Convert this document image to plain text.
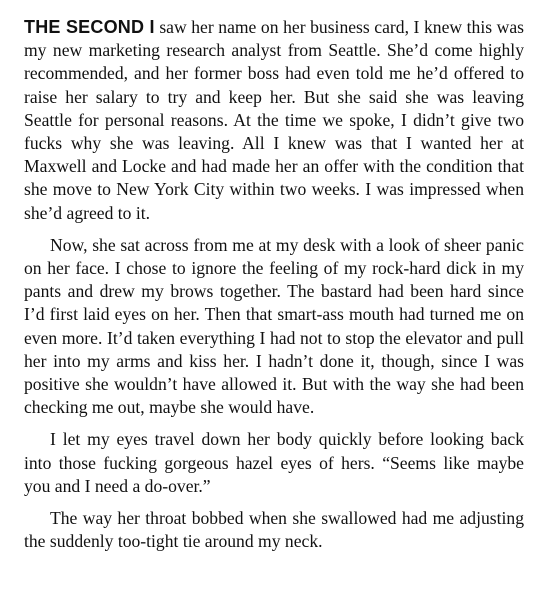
THE SECOND I saw her name on her business card, I knew this was my new marketing research analyst from Seattle. She’d come highly recommended, and her former boss had even told me he’d offered to raise her salary to try and keep her. But she said she was leaving Seattle for personal reasons. At the time we spoke, I didn’t give two fucks why she was leaving. All I knew was that I wanted her at Maxwell and Locke and had made her an offer with the condition that she move to New York City within two weeks. I was impressed when she’d agreed to it.

Now, she sat across from me at my desk with a look of sheer panic on her face. I chose to ignore the feeling of my rock-hard dick in my pants and drew my brows together. The bastard had been hard since I’d first laid eyes on her. Then that smart-ass mouth had turned me on even more. It’d taken everything I had not to stop the elevator and pull her into my arms and kiss her. I hadn’t done it, though, since I was positive she wouldn’t have allowed it. But with the way she had been checking me out, maybe she would have.

I let my eyes travel down her body quickly before looking back into those fucking gorgeous hazel eyes of hers. “Seems like maybe you and I need a do-over.”

The way her throat bobbed when she swallowed had me adjusting the suddenly too-tight tie around my neck.
